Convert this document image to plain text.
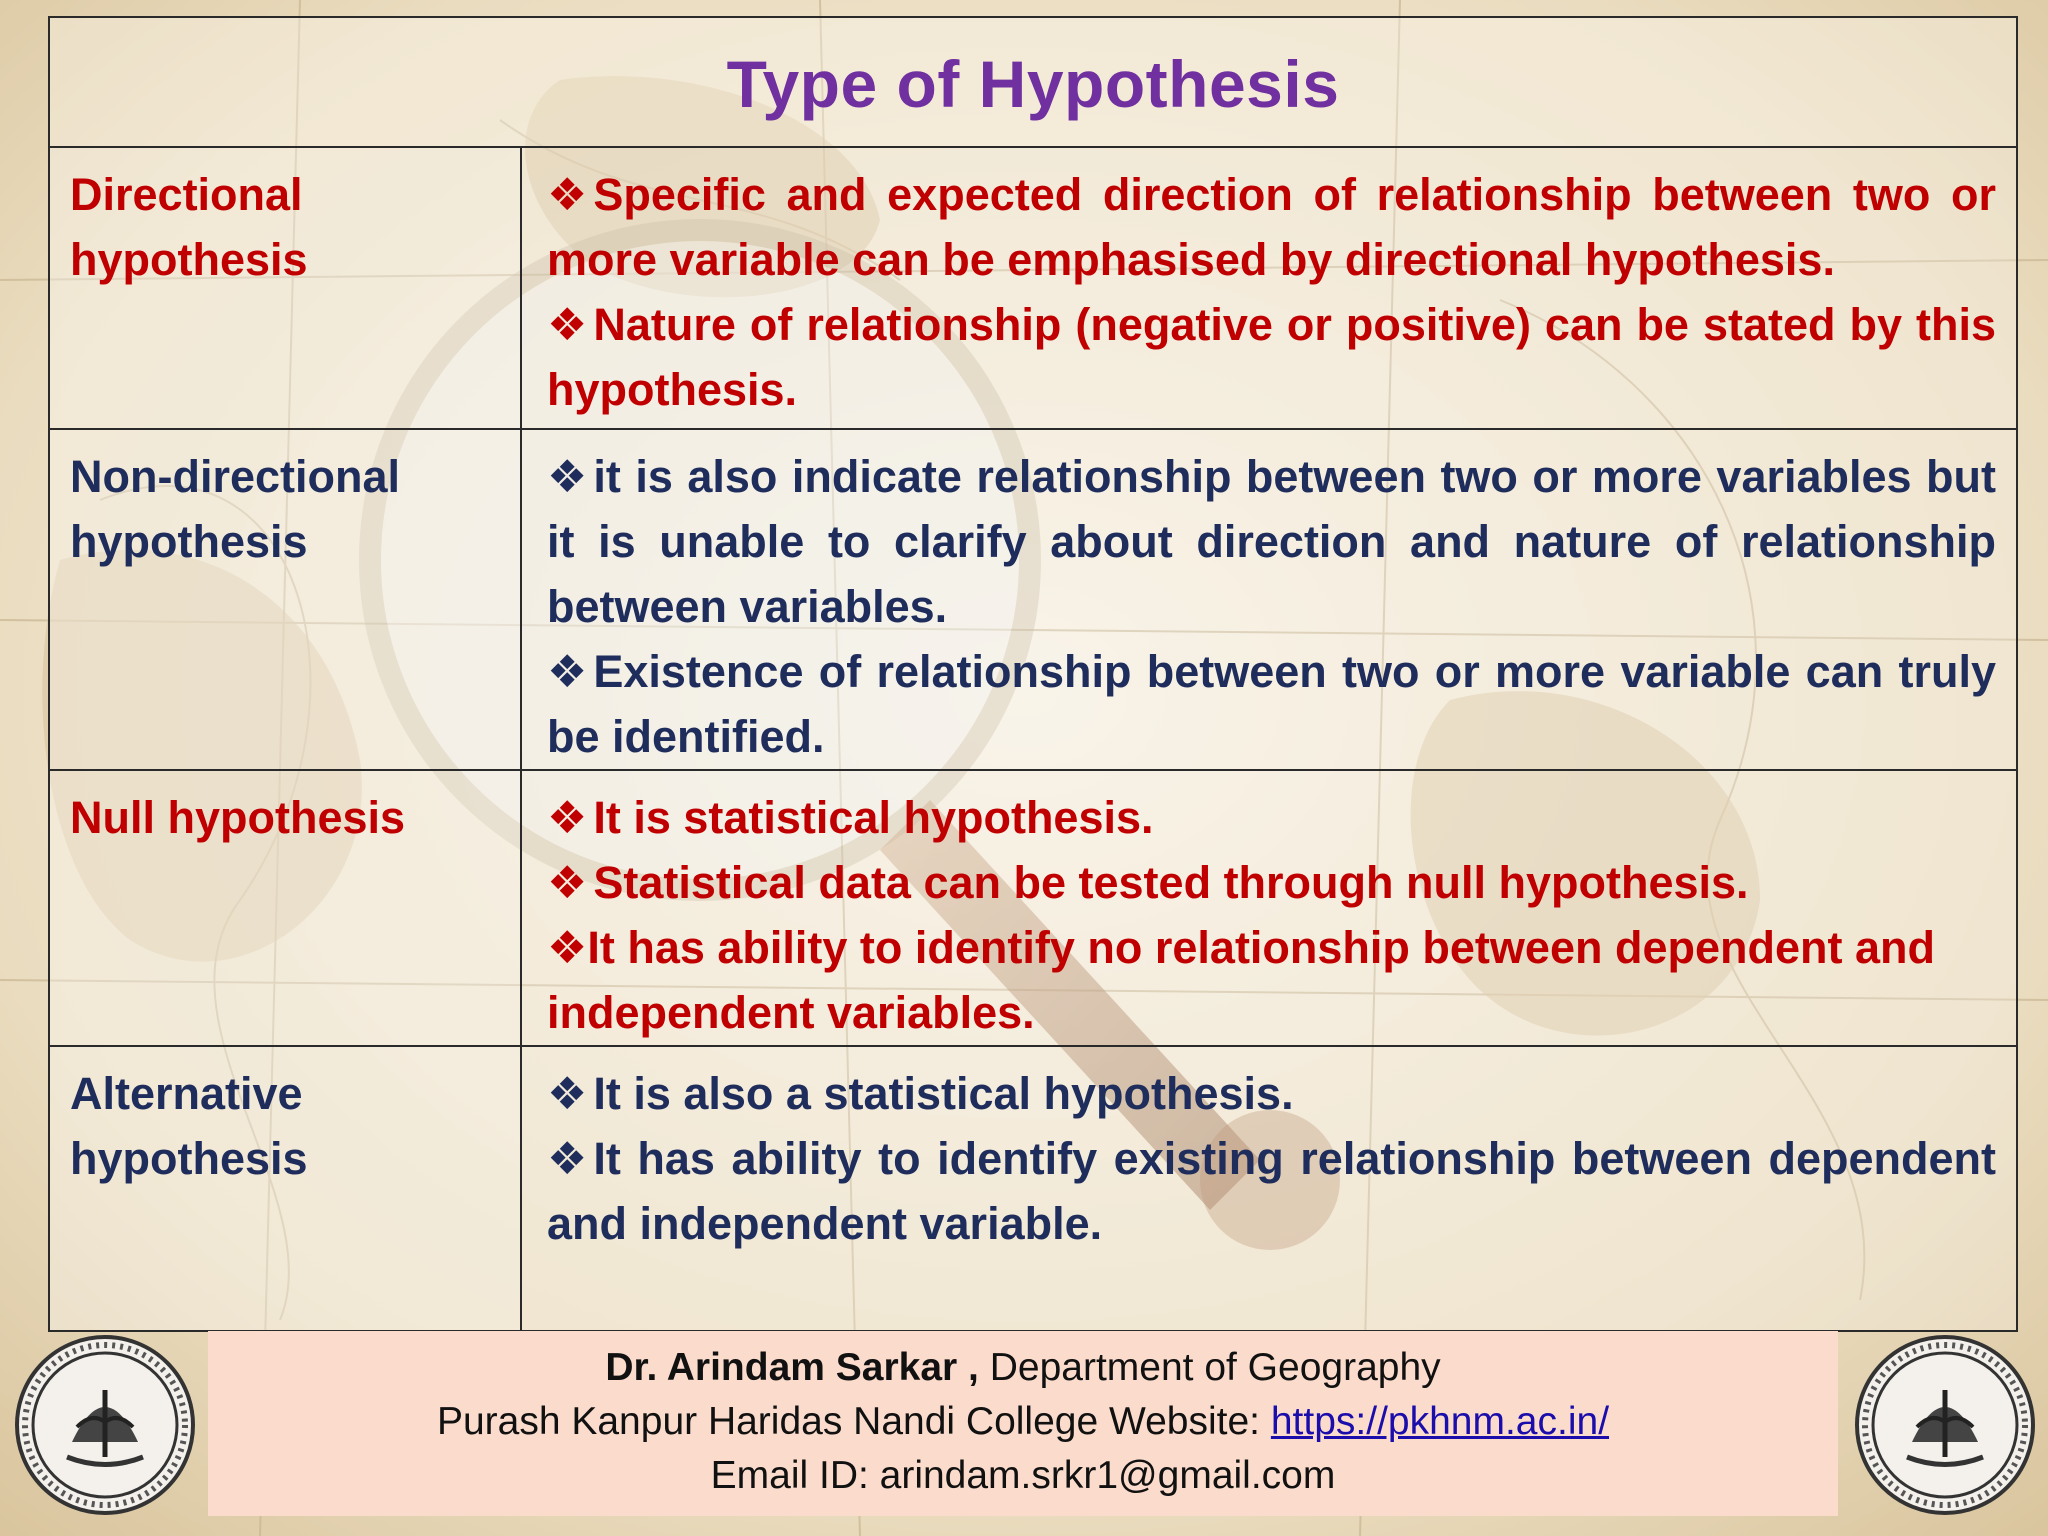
Type of Hypothesis	
Directional hypothesis	❖ Specific and expected direction of relationship between two or more variable can be emphasised by directional hypothesis.

❖ Nature of relationship (negative or positive) can be stated by this hypothesis.

Non-directional hypothesis	❖ it is also indicate relationship between two or more variables but it is unable to clarify about direction and nature of relationship between variables.

❖ Existence of relationship between two or more variable can truly be identified.

Null hypothesis	❖ It is statistical hypothesis.

❖ Statistical data can be tested through null hypothesis.

❖It has ability to identify no relationship between dependent and independent variables.

Alternative hypothesis	❖ It is also a statistical hypothesis.

❖ It has ability to identify existing relationship between dependent and independent variable.

Dr. Arindam Sarkar , Department of Geography
Purash Kanpur Haridas Nandi College Website: https://pkhnm.ac.in/
Email ID: arindam.srkr1@gmail.com
